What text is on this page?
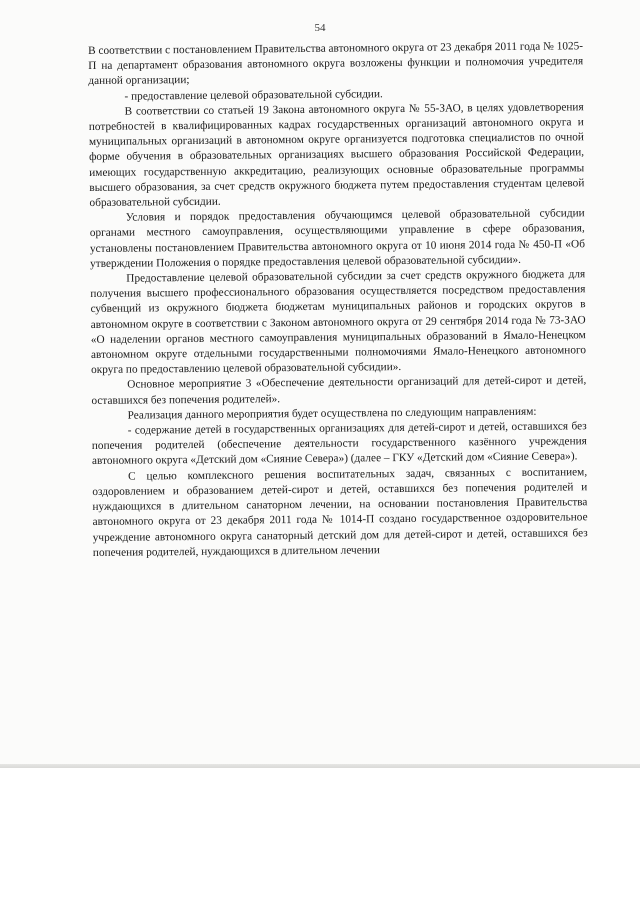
54

В соответствии с постановлением Правительства автономного округа от 23 декабря 2011 года № 1025-П на департамент образования автономного округа возложены функции и полномочия учредителя данной организации;

- предоставление целевой образовательной субсидии.

В соответствии со статьей 19 Закона автономного округа № 55-ЗАО, в целях удовлетворения потребностей в квалифицированных кадрах государственных организаций автономного округа и муниципальных организаций в автономном округе организуется подготовка специалистов по очной форме обучения в образовательных организациях высшего образования Российской Федерации, имеющих государственную аккредитацию, реализующих основные образовательные программы высшего образования, за счет средств окружного бюджета путем предоставления студентам целевой образовательной субсидии.

Условия и порядок предоставления обучающимся целевой образовательной субсидии органами местного самоуправления, осуществляющими управление в сфере образования, установлены постановлением Правительства автономного округа от 10 июня 2014 года № 450-П «Об утверждении Положения о порядке предоставления целевой образовательной субсидии».

Предоставление целевой образовательной субсидии за счет средств окружного бюджета для получения высшего профессионального образования осуществляется посредством предоставления субвенций из окружного бюджета бюджетам муниципальных районов и городских округов в автономном округе в соответствии с Законом автономного округа от 29 сентября 2014 года № 73-ЗАО «О наделении органов местного самоуправления муниципальных образований в Ямало-Ненецком автономном округе отдельными государственными полномочиями Ямало-Ненецкого автономного округа по предоставлению целевой образовательной субсидии».

Основное мероприятие 3 «Обеспечение деятельности организаций для детей-сирот и детей, оставшихся без попечения родителей».

Реализация данного мероприятия будет осуществлена по следующим направлениям:

- содержание детей в государственных организациях для детей-сирот и детей, оставшихся без попечения родителей (обеспечение деятельности государственного казённого учреждения автономного округа «Детский дом «Сияние Севера») (далее – ГКУ «Детский дом «Сияние Севера»).

С целью комплексного решения воспитательных задач, связанных с воспитанием, оздоровлением и образованием детей-сирот и детей, оставшихся без попечения родителей и нуждающихся в длительном санаторном лечении, на основании постановления Правительства автономного округа от 23 декабря 2011 года № 1014-П создано государственное оздоровительное учреждение автономного округа санаторный детский дом для детей-сирот и детей, оставшихся без попечения родителей, нуждающихся в длительном лечении
